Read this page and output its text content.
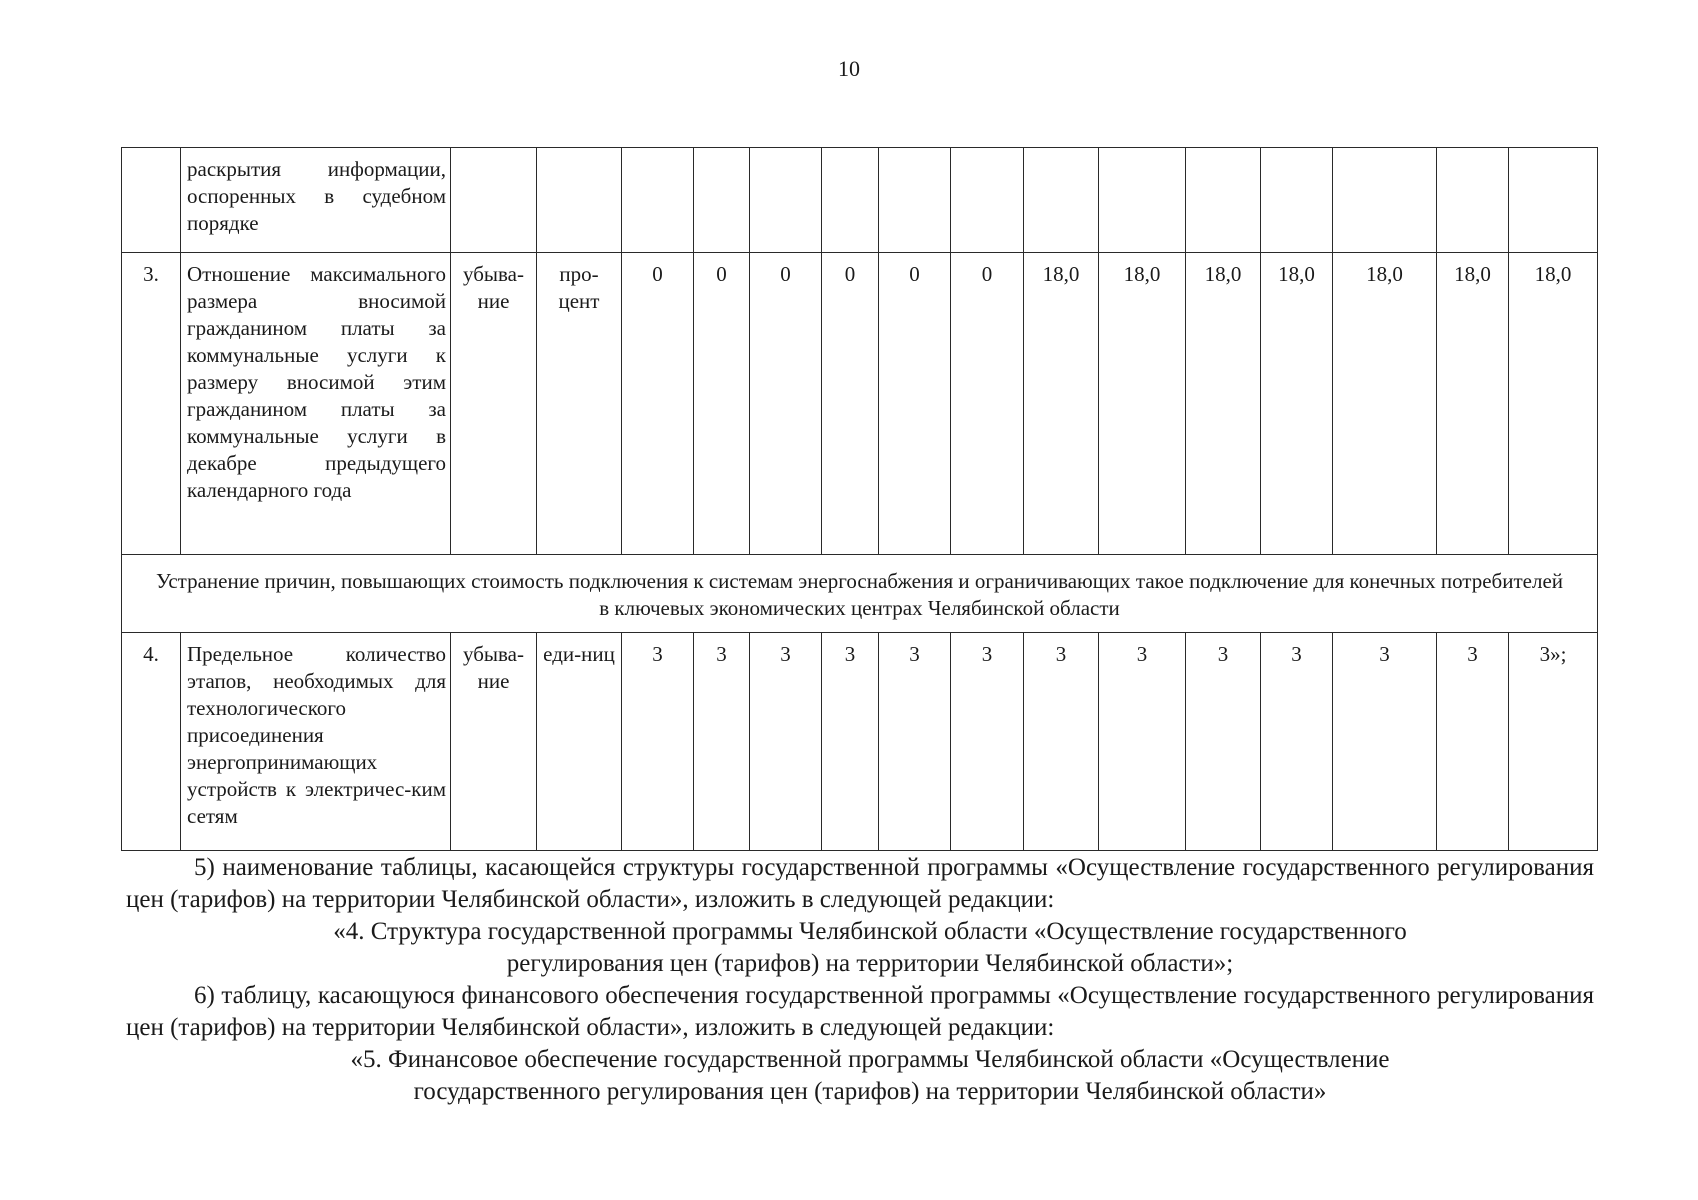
10
	раскрытия информации, оспоренных в судебном порядке															
3.	Отношение максимального размера вносимой гражданином платы за коммунальные услуги к размеру вносимой этим гражданином платы за коммунальные услуги в декабре предыдущего календарного года	убыва-ние	про-цент	0	0	0	0	0	0	18,0	18,0	18,0	18,0	18,0	18,0	18,0
Устранение причин, повышающих стоимость подключения к системам энергоснабжения и ограничивающих такое подключение для конечных потребителей в ключевых экономических центрах Челябинской области																
4.	Предельное количество этапов, необходимых для технологического присоединения энергопринимающих устройств к электричес-ким сетям	убыва-ние	еди-ниц	3	3	3	3	3	3	3	3	3	3	3	3	3»;

5) наименование таблицы, касающейся структуры государственной программы «Осуществление государственного регулирования цен (тарифов) на территории Челябинской области», изложить в следующей редакции:

«4. Структура государственной программы Челябинской области «Осуществление государственного

регулирования цен (тарифов) на территории Челябинской области»;

6) таблицу, касающуюся финансового обеспечения государственной программы «Осуществление государственного регулирования цен (тарифов) на территории Челябинской области», изложить в следующей редакции:

«5. Финансовое обеспечение государственной программы Челябинской области «Осуществление

государственного регулирования цен (тарифов) на территории Челябинской области»
